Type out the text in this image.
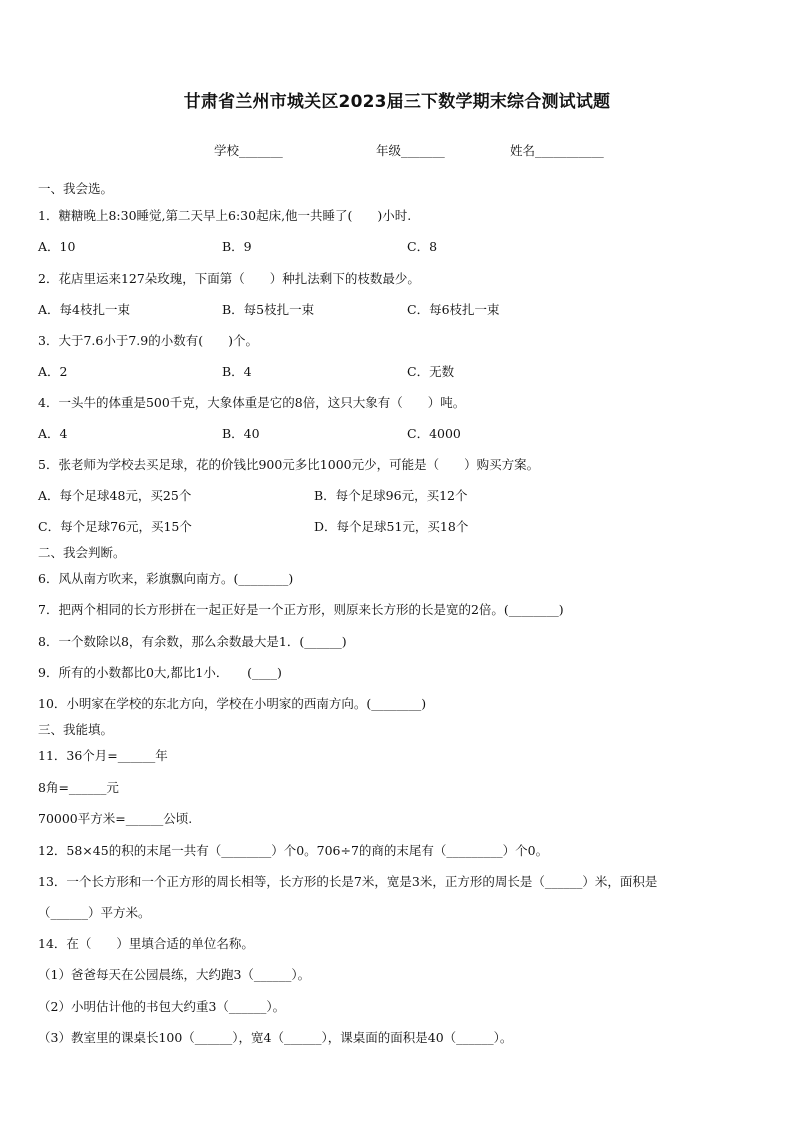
甘肃省兰州市城关区2023届三下数学期末综合测试试题
学校_______	年级_______	姓名___________
一、我会选。
1．糖糖晚上8:30睡觉,第二天早上6:30起床,他一共睡了(　　)小时.
A．10	B．9	C．8
2．花店里运来127朵玫瑰，下面第（　　）种扎法剩下的枝数最少。
A．每4枝扎一束	B．每5枝扎一束	C．每6枝扎一束
3．大于7.6小于7.9的小数有(　　)个。
A．2	B．4	C．无数
4．一头牛的体重是500千克，大象体重是它的8倍，这只大象有（　　）吨。
A．4	B．40	C．4000
5．张老师为学校去买足球，花的价钱比900元多比1000元少，可能是（　　）购买方案。
A．每个足球48元，买25个	B．每个足球96元，买12个
C．每个足球76元，买15个	D．每个足球51元，买18个
二、我会判断。
6．风从南方吹来，彩旗飘向南方。(________)
7．把两个相同的长方形拼在一起正好是一个正方形，则原来长方形的长是宽的2倍。(________)
8．一个数除以8，有余数，那么余数最大是1．(______)
9．所有的小数都比0大,都比1小．　　(____)
10．小明家在学校的东北方向，学校在小明家的西南方向。(________)
三、我能填。
11．36个月=______年
8角=______元
70000平方米=______公顷.
12．58×45的积的末尾一共有（________）个0。706÷7的商的末尾有（_________）个0。
13．一个长方形和一个正方形的周长相等，长方形的长是7米，宽是3米，正方形的周长是（______）米，面积是
（______）平方米。
14．在（　　）里填合适的单位名称。
（1）爸爸每天在公园晨练，大约跑3（______）。
（2）小明估计他的书包大约重3（______）。
（3）教室里的课桌长100（______），宽4（______），课桌面的面积是40（______）。
